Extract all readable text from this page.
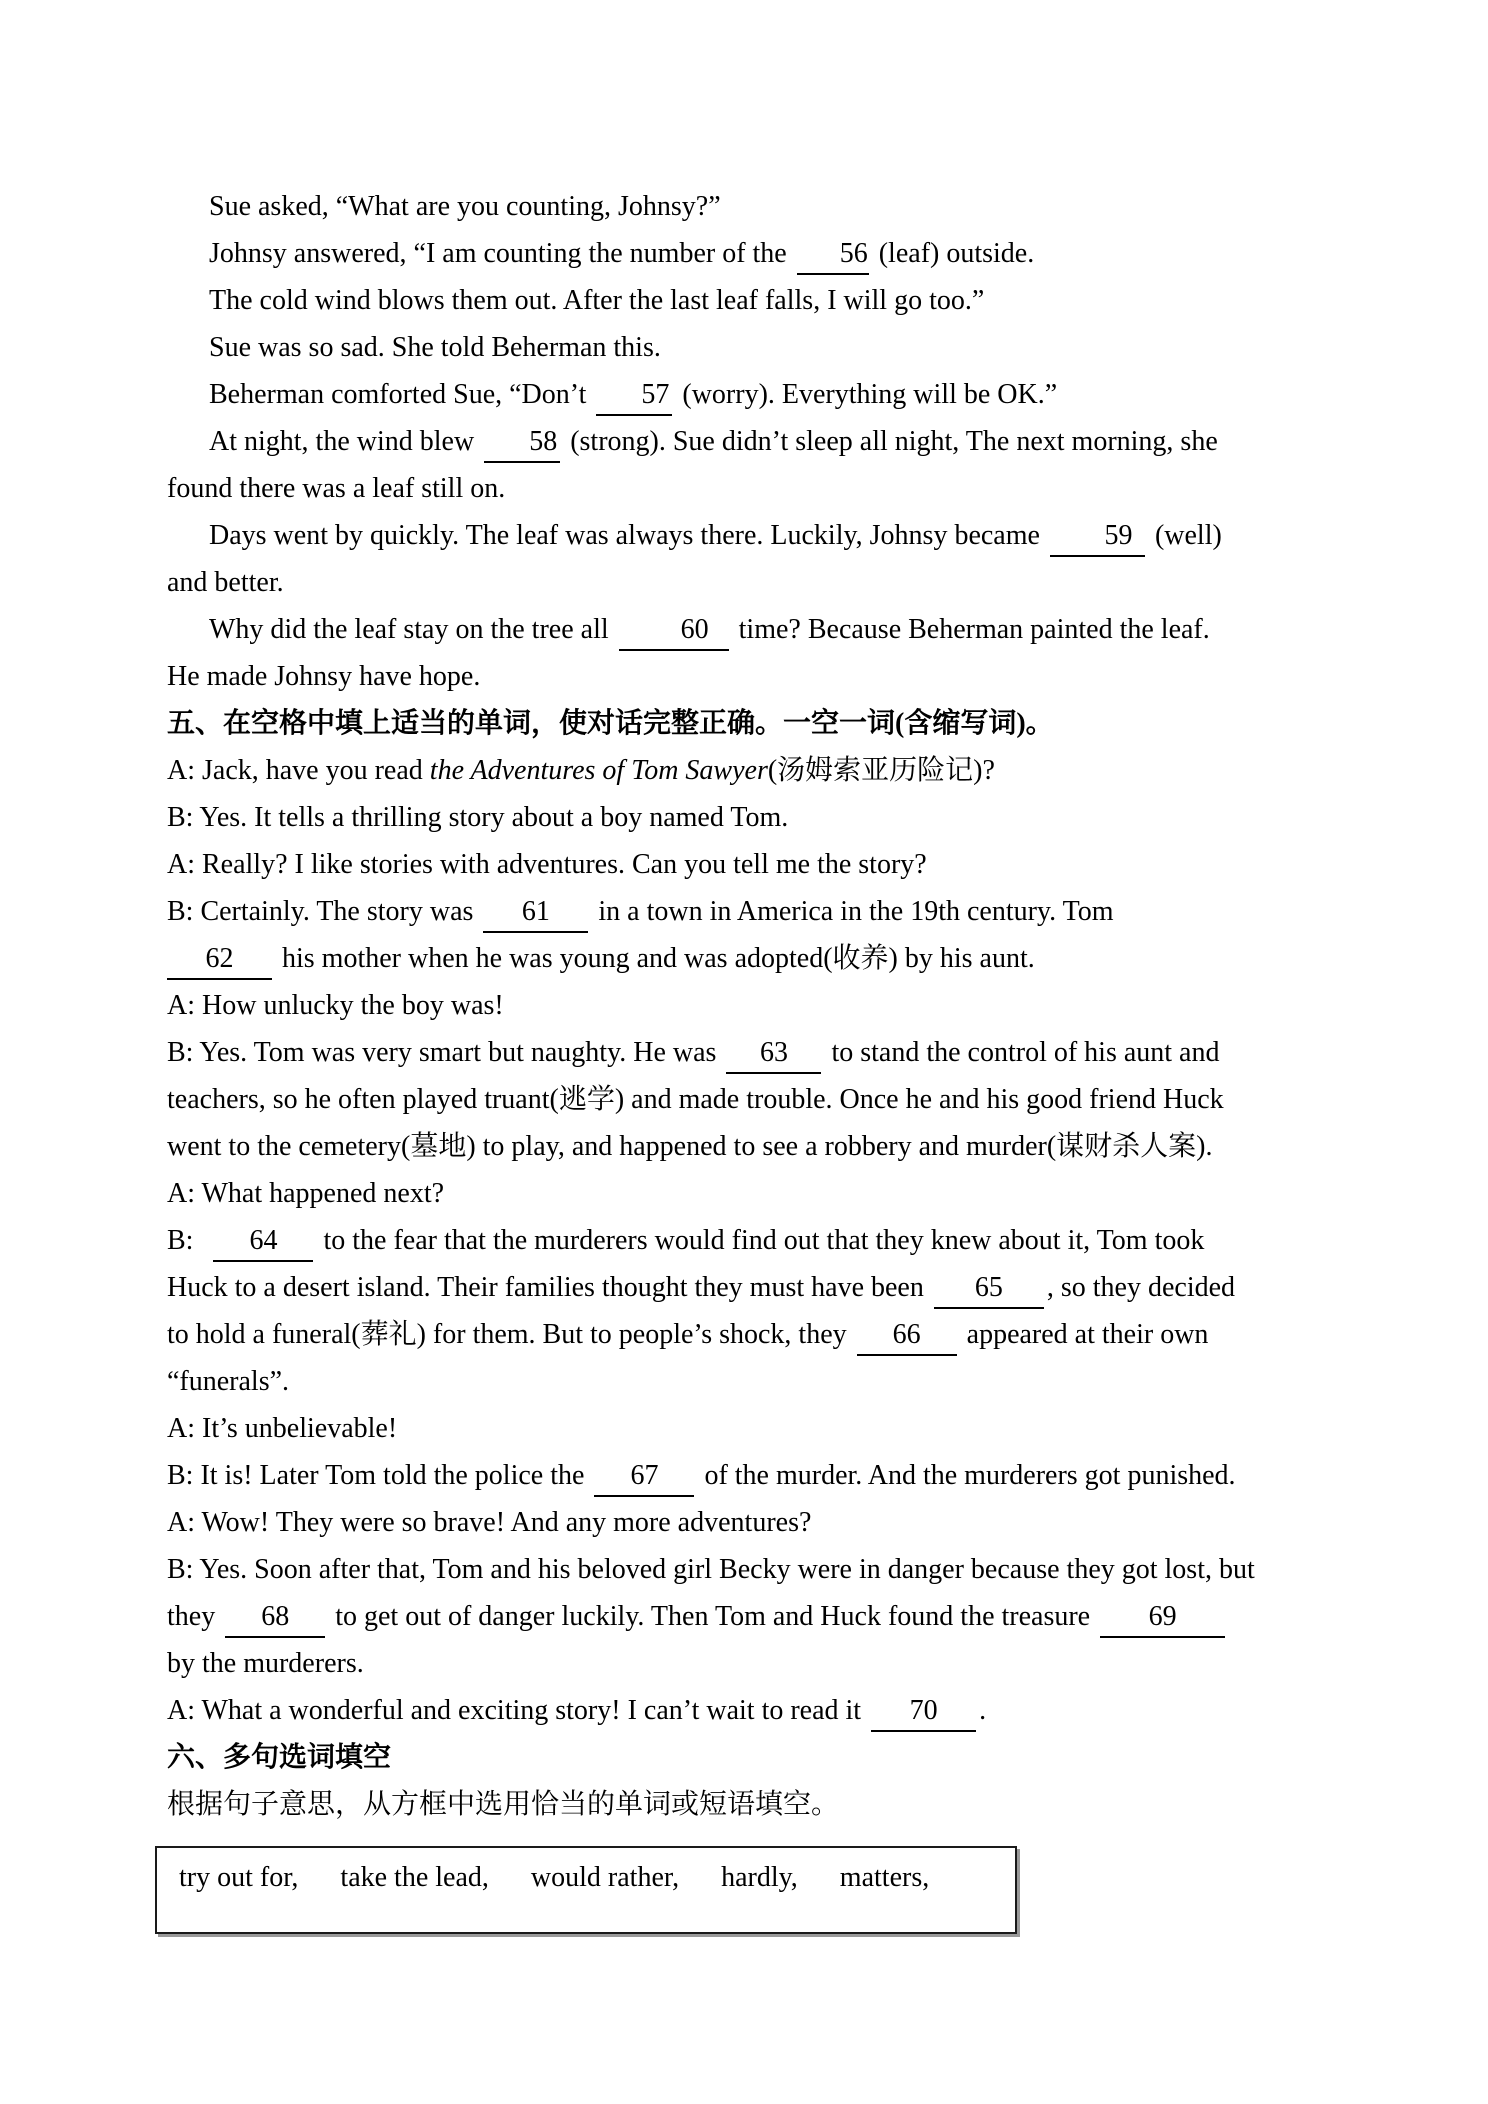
Sue asked, “What are you counting, Johnsy?”
Johnsy answered, “I am counting the number of the 56 (leaf) outside.
The cold wind blows them out. After the last leaf falls, I will go too.”
Sue was so sad. She told Beherman this.
Beherman comforted Sue, “Don’t 57 (worry). Everything will be OK.”
At night, the wind blew 58 (strong). Sue didn’t sleep all night, The next morning, she
found there was a leaf still on.
Days went by quickly. The leaf was always there. Luckily, Johnsy became 59 (well)
and better.
Why did the leaf stay on the tree all 60 time? Because Beherman painted the leaf.
He made Johnsy have hope.
五、在空格中填上适当的单词，使对话完整正确。一空一词(含缩写词)。
A: Jack, have you read the Adventures of Tom Sawyer(汤姆索亚历险记)?
B: Yes. It tells a thrilling story about a boy named Tom.
A: Really? I like stories with adventures. Can you tell me the story?
B: Certainly. The story was 61 in a town in America in the 19th century. Tom
62 his mother when he was young and was adopted(收养) by his aunt.
A: How unlucky the boy was!
B: Yes. Tom was very smart but naughty. He was 63 to stand the control of his aunt and
teachers, so he often played truant(逃学) and made trouble. Once he and his good friend Huck
went to the cemetery(墓地) to play, and happened to see a robbery and murder(谋财杀人案).
A: What happened next?
B: 64 to the fear that the murderers would find out that they knew about it, Tom took
Huck to a desert island. Their families thought they must have been 65 , so they decided
to hold a funeral(葬礼) for them. But to people’s shock, they 66 appeared at their own
“funerals”.
A: It’s unbelievable!
B: It is! Later Tom told the police the 67 of the murder. And the murderers got punished.
A: Wow! They were so brave! And any more adventures?
B: Yes. Soon after that, Tom and his beloved girl Becky were in danger because they got lost, but
they 68 to get out of danger luckily. Then Tom and Huck found the treasure 69
by the murderers.
A: What a wonderful and exciting story! I can’t wait to read it 70 .
六、多句选词填空
根据句子意思，从方框中选用恰当的单词或短语填空。
try out for, take the lead, would rather, hardly, matters,
